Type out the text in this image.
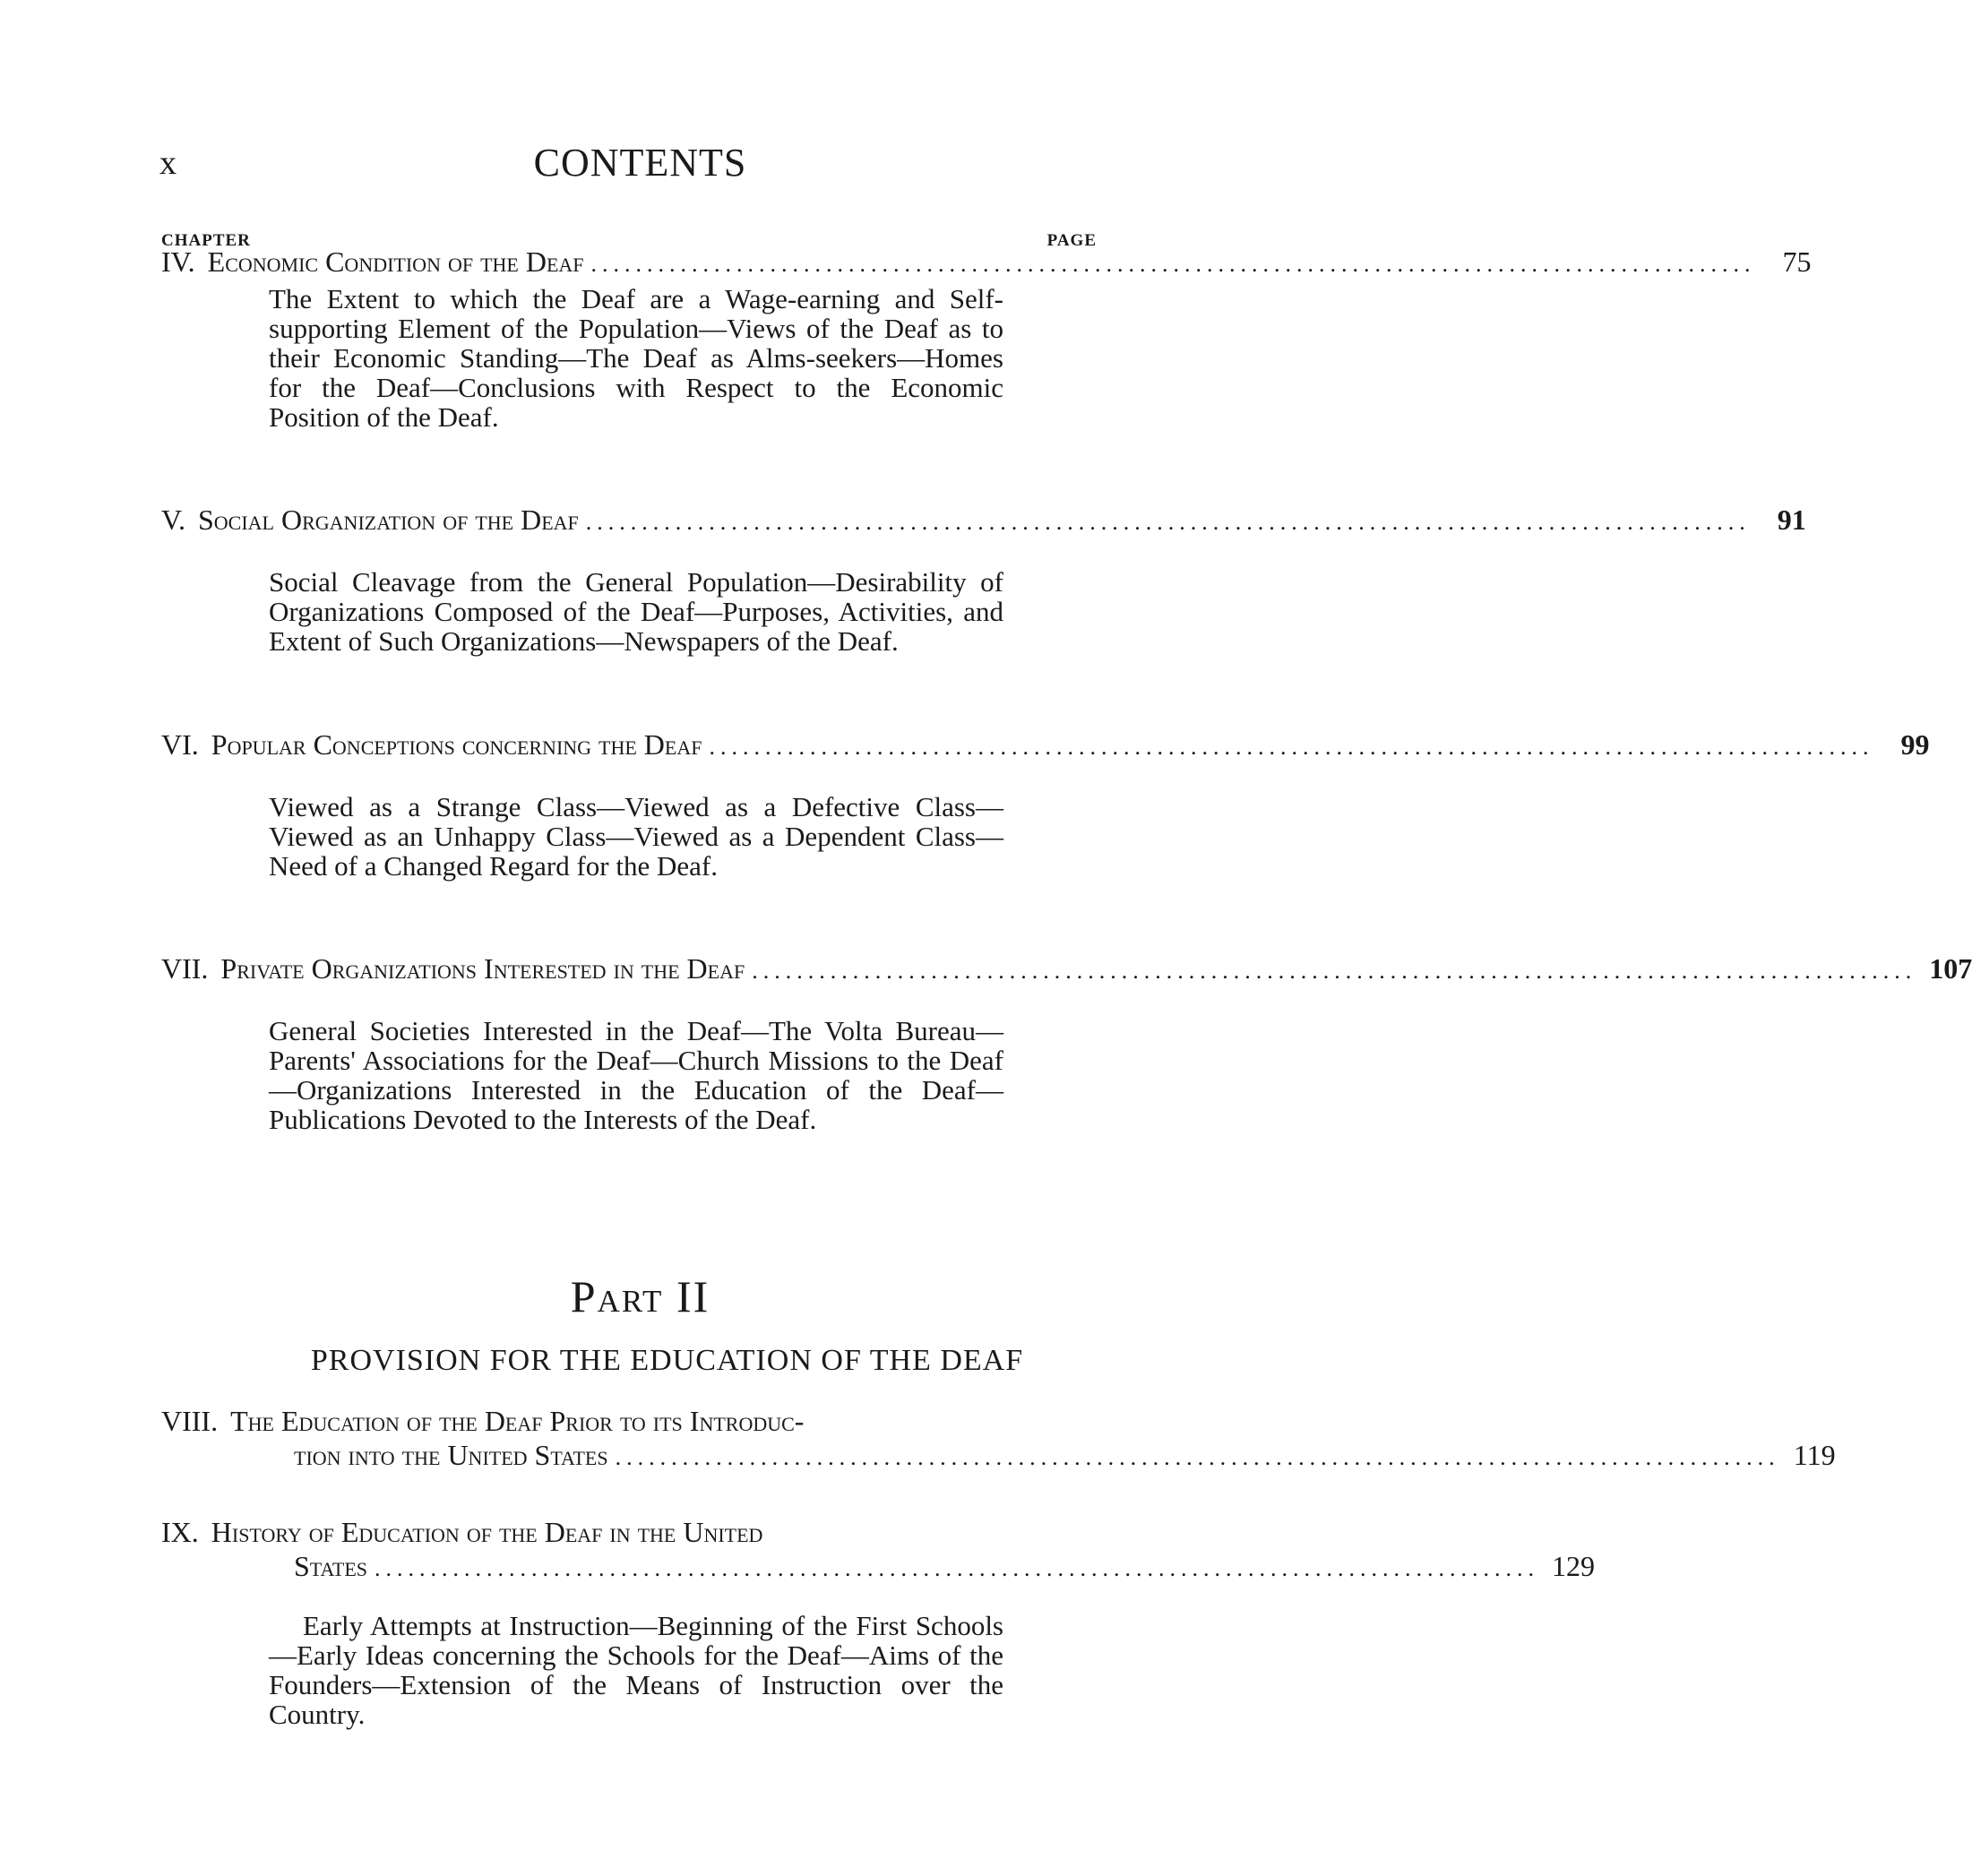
x	CONTENTS
CHAPTER	PAGE
IV. Economic Condition of the Deaf ........................................................................................................ 75
The Extent to which the Deaf are a Wage-earning and Self-supporting Element of the Population—Views of the Deaf as to their Economic Standing—The Deaf as Alms-seekers—Homes for the Deaf—Conclusions with Respect to the Economic Position of the Deaf.
V. Social Organization of the Deaf ........................................................................................................ 91
Social Cleavage from the General Population—Desirability of Organizations Composed of the Deaf—Purposes, Activities, and Extent of Such Organizations—Newspapers of the Deaf.
VI. Popular Conceptions concerning the Deaf ........................................................................................................ 99
Viewed as a Strange Class—Viewed as a Defective Class—Viewed as an Unhappy Class—Viewed as a Dependent Class—Need of a Changed Regard for the Deaf.
VII. Private Organizations Interested in the Deaf ........................................................................................................ 107
General Societies Interested in the Deaf—The Volta Bureau—Parents' Associations for the Deaf—Church Missions to the Deaf—Organizations Interested in the Education of the Deaf—Publications Devoted to the Interests of the Deaf.
Part II
PROVISION FOR THE EDUCATION OF THE DEAF
VIII. The Education of the Deaf Prior to its Introduc-
tion into the United States ........................................................................................................ 119
IX. History of Education of the Deaf in the United
States ........................................................................................................ 129
Early Attempts at Instruction—Beginning of the First Schools—Early Ideas concerning the Schools for the Deaf—Aims of the Founders—Extension of the Means of Instruction over the Country.
